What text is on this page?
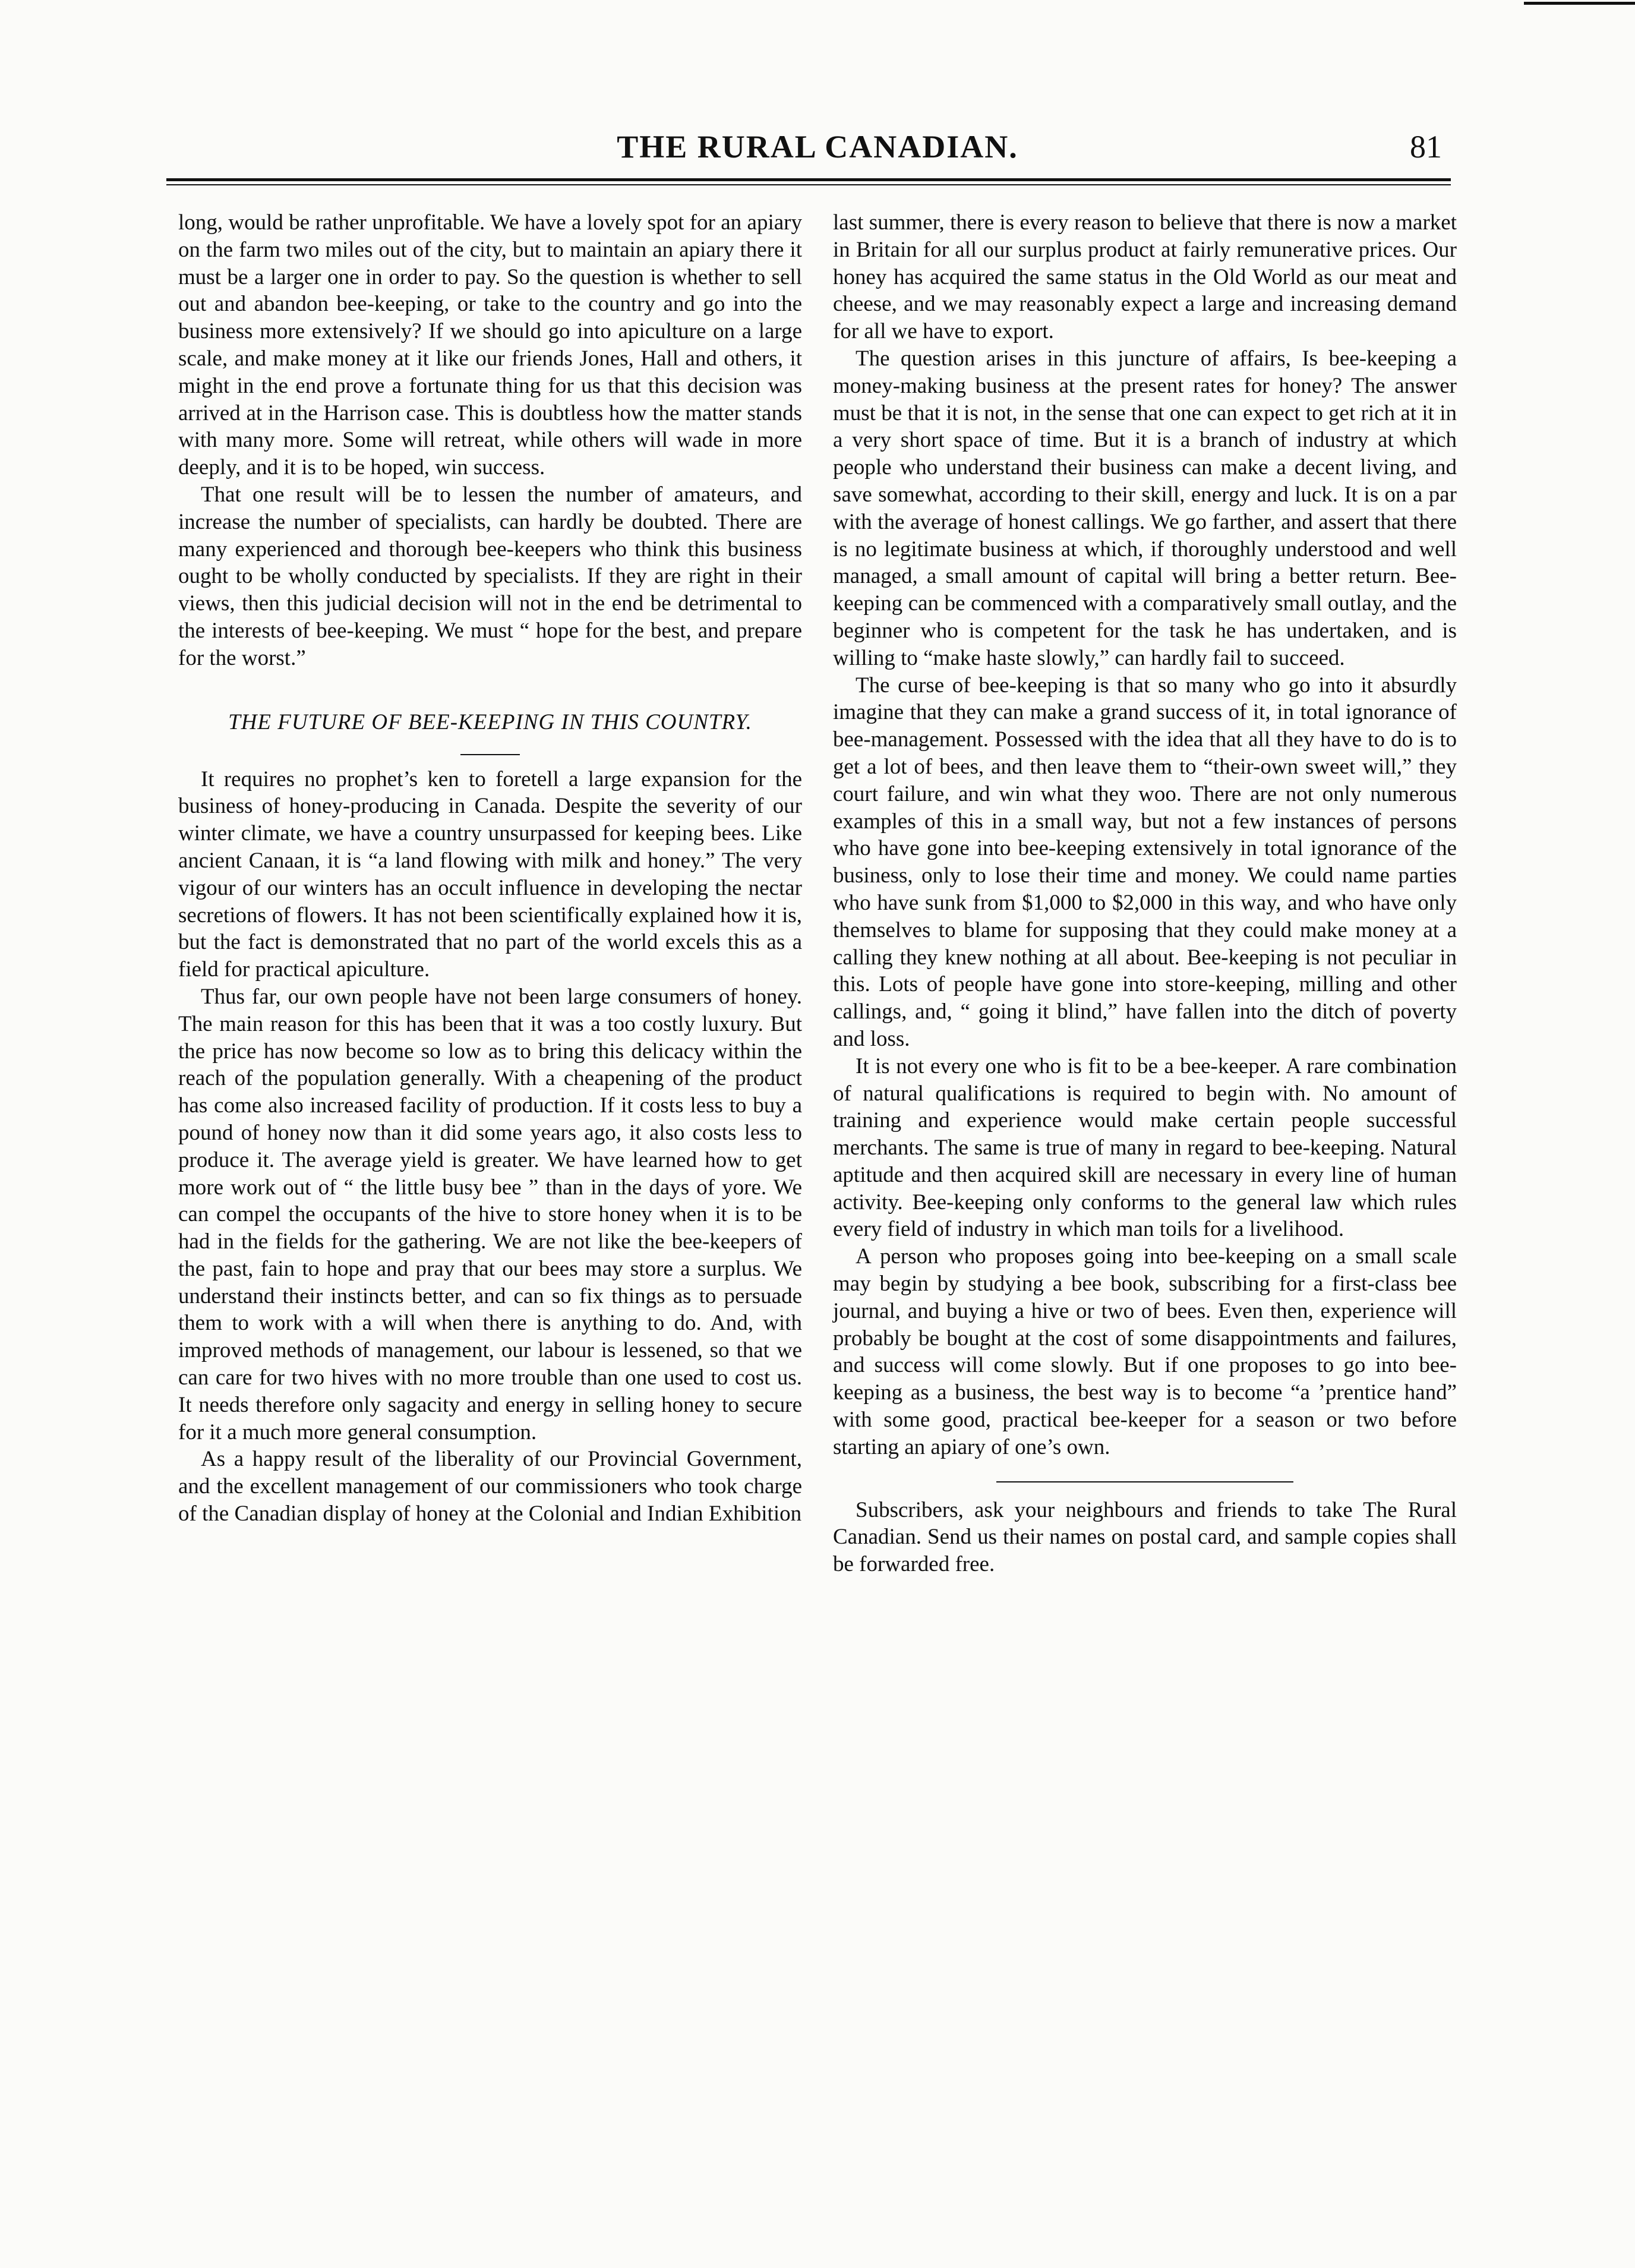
THE RURAL CANADIAN.	81

long, would be rather unprofitable. We have a lovely spot for an apiary on the farm two miles out of the city, but to maintain an apiary there it must be a larger one in order to pay. So the question is whether to sell out and abandon bee-keeping, or take to the country and go into the business more extensively? If we should go into apiculture on a large scale, and make money at it like our friends Jones, Hall and others, it might in the end prove a fortunate thing for us that this decision was arrived at in the Harrison case. This is doubtless how the matter stands with many more. Some will retreat, while others will wade in more deeply, and it is to be hoped, win success.

That one result will be to lessen the number of amateurs, and increase the number of specialists, can hardly be doubted. There are many experienced and thorough bee-keepers who think this business ought to be wholly conducted by specialists. If they are right in their views, then this judicial decision will not in the end be detrimental to the interests of bee-keeping. We must “ hope for the best, and prepare for the worst.”

THE FUTURE OF BEE-KEEPING IN THIS COUNTRY.

It requires no prophet’s ken to foretell a large expansion for the business of honey-producing in Canada. Despite the severity of our winter climate, we have a country unsurpassed for keeping bees. Like ancient Canaan, it is “a land flowing with milk and honey.” The very vigour of our winters has an occult influence in developing the nectar secretions of flowers. It has not been scientifically explained how it is, but the fact is demonstrated that no part of the world excels this as a field for practical apiculture.

Thus far, our own people have not been large consumers of honey. The main reason for this has been that it was a too costly luxury. But the price has now become so low as to bring this delicacy within the reach of the population generally. With a cheapening of the product has come also increased facility of production. If it costs less to buy a pound of honey now than it did some years ago, it also costs less to produce it. The average yield is greater. We have learned how to get more work out of “ the little busy bee ” than in the days of yore. We can compel the occupants of the hive to store honey when it is to be had in the fields for the gathering. We are not like the bee-keepers of the past, fain to hope and pray that our bees may store a surplus. We understand their instincts better, and can so fix things as to persuade them to work with a will when there is anything to do. And, with improved methods of management, our labour is lessened, so that we can care for two hives with no more trouble than one used to cost us. It needs therefore only sagacity and energy in selling honey to secure for it a much more general consumption.

As a happy result of the liberality of our Provincial Government, and the excellent management of our commissioners who took charge of the Canadian display of honey at the Colonial and Indian Exhibition

last summer, there is every reason to believe that there is now a market in Britain for all our surplus product at fairly remunerative prices. Our honey has acquired the same status in the Old World as our meat and cheese, and we may reasonably expect a large and increasing demand for all we have to export.

The question arises in this juncture of affairs, Is bee-keeping a money-making business at the present rates for honey? The answer must be that it is not, in the sense that one can expect to get rich at it in a very short space of time. But it is a branch of industry at which people who understand their business can make a decent living, and save somewhat, according to their skill, energy and luck. It is on a par with the average of honest callings. We go farther, and assert that there is no legitimate business at which, if thoroughly understood and well managed, a small amount of capital will bring a better return. Bee-keeping can be commenced with a comparatively small outlay, and the beginner who is competent for the task he has undertaken, and is willing to “make haste slowly,” can hardly fail to succeed.

The curse of bee-keeping is that so many who go into it absurdly imagine that they can make a grand success of it, in total ignorance of bee-management. Possessed with the idea that all they have to do is to get a lot of bees, and then leave them to “their-own sweet will,” they court failure, and win what they woo. There are not only numerous examples of this in a small way, but not a few instances of persons who have gone into bee-keeping extensively in total ignorance of the business, only to lose their time and money. We could name parties who have sunk from $1,000 to $2,000 in this way, and who have only themselves to blame for supposing that they could make money at a calling they knew nothing at all about. Bee-keeping is not peculiar in this. Lots of people have gone into store-keeping, milling and other callings, and, “ going it blind,” have fallen into the ditch of poverty and loss.

It is not every one who is fit to be a bee-keeper. A rare combination of natural qualifications is required to begin with. No amount of training and experience would make certain people successful merchants. The same is true of many in regard to bee-keeping. Natural aptitude and then acquired skill are necessary in every line of human activity. Bee-keeping only conforms to the general law which rules every field of industry in which man toils for a livelihood.

A person who proposes going into bee-keeping on a small scale may begin by studying a bee book, subscribing for a first-class bee journal, and buying a hive or two of bees. Even then, experience will probably be bought at the cost of some disappointments and failures, and success will come slowly. But if one proposes to go into bee-keeping as a business, the best way is to become “a ’prentice hand” with some good, practical bee-keeper for a season or two before starting an apiary of one’s own.

Subscribers, ask your neighbours and friends to take The Rural Canadian. Send us their names on postal card, and sample copies shall be forwarded free.
